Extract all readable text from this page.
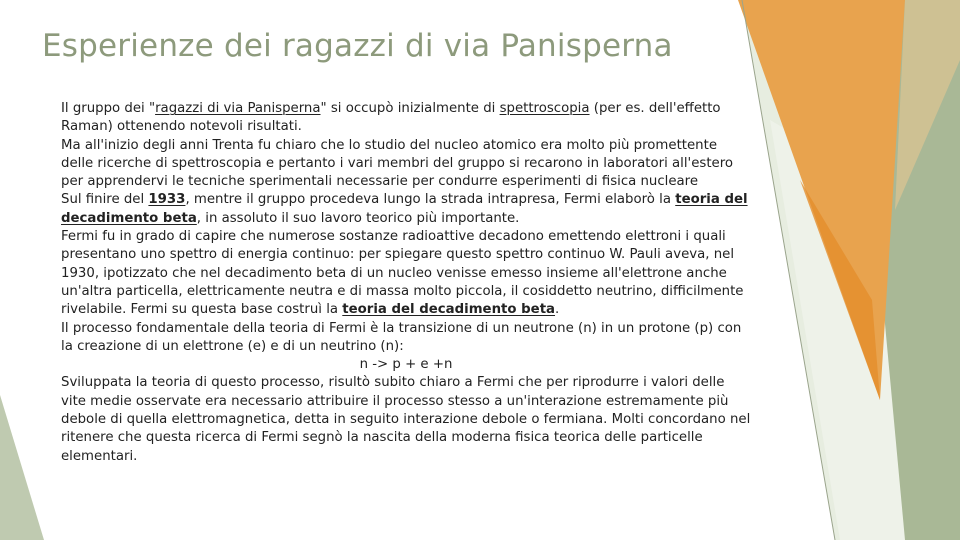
Esperienze dei ragazzi di via Panisperna

Il gruppo dei "ragazzi di via Panisperna" si occupò inizialmente di spettroscopia (per es. dell'effetto Raman) ottenendo notevoli risultati.

Ma all'inizio degli anni Trenta fu chiaro che lo studio del nucleo atomico era molto più promettente delle ricerche di spettroscopia e pertanto i vari membri del gruppo si recarono in laboratori all'estero per apprendervi le tecniche sperimentali necessarie per condurre esperimenti di fisica nucleare

Sul finire del 1933, mentre il gruppo procedeva lungo la strada intrapresa, Fermi elaborò la teoria del decadimento beta, in assoluto il suo lavoro teorico più importante.

Fermi fu in grado di capire che numerose sostanze radioattive decadono emettendo elettroni i quali presentano uno spettro di energia continuo: per spiegare questo spettro continuo W. Pauli aveva, nel 1930, ipotizzato che nel decadimento beta di un nucleo venisse emesso insieme all'elettrone anche un'altra particella, elettricamente neutra e di massa molto piccola, il cosiddetto neutrino, difficilmente rivelabile. Fermi su questa base costruì la teoria del decadimento beta.

Il processo fondamentale della teoria di Fermi è la transizione di un neutrone (n) in un protone (p) con la creazione di un elettrone (e) e di un neutrino (n):

n -> p + e +n

Sviluppata la teoria di questo processo, risultò subito chiaro a Fermi che per riprodurre i valori delle vite medie osservate era necessario attribuire il processo stesso a un'interazione estremamente più debole di quella elettromagnetica, detta in seguito interazione debole o fermiana. Molti concordano nel ritenere che questa ricerca di Fermi segnò la nascita della moderna fisica teorica delle particelle elementari.
